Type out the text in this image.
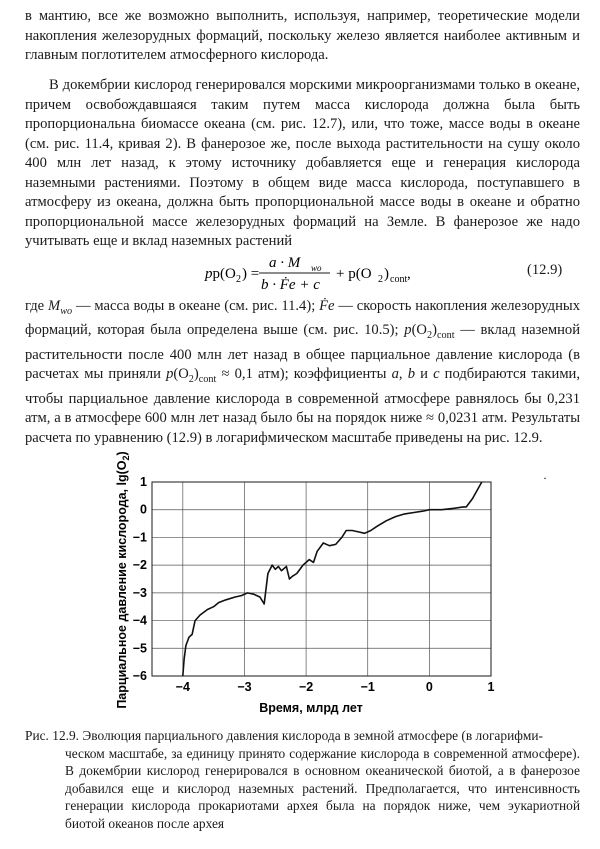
в мантию, все же возможно выполнить, используя, например, теоретические модели накопления железорудных формаций, поскольку железо является наиболее активным и главным поглотителем атмосферного кислорода.
В докембрии кислород генерировался морскими микроорганизмами только в океане, причем освобождавшаяся таким путем масса кислорода должна была быть пропорциональна биомассе океана (см. рис. 12.7), или, что тоже, массе воды в океане (см. рис. 11.4, кривая 2). В фанерозое же, после выхода растительности на сушу около 400 млн лет назад, к этому источнику добавляется еще и генерация кислорода наземными растениями. Поэтому в общем виде масса кислорода, поступавшего в атмосферу из океана, должна быть пропорциональной массе воды в океане и обратно пропорциональной массе железорудных формаций на Земле. В фанерозое же надо учитывать еще и вклад наземных растений
pp(O 2 ) =
a · M wo
b · Ḟe + c
+ p(O 2 ) cont ,	(12.9)
где $M_{wo}$ — масса воды в океане (см. рис. 11.4); Ḟe — скорость накопления железорудных формаций, которая была определена выше (см. рис. 10.5); $p(O_2)_{cont}$ — вклад наземной растительности после 400 млн лет назад в общее парциальное давление кислорода (в расчетах мы приняли $p(O_2)_{cont} \approx 0,1$ атм); коэффициенты a, b и c подбираются такими, чтобы парциальное давление кислорода в современной атмосфере равнялось бы 0,231 атм, а в атмосфере 600 млн лет назад было бы на порядок ниже ≈ 0,0231 атм. Результаты расчета по уравнению (12.9) в логарифмическом масштабе приведены на рис. 12.9.
−4	−3	−2	−1	0	1
1
0
−1
−2
−3
−4
−5
−6
Время, млрд лет
Парциальное давление кислорода, $\lg(O_2)$
·
Рис. 12.9. Эволюция парциального давления кислорода в земной атмосфере (в логарифми-
ческом масштабе, за единицу принято содержание кислорода в современной атмосфере). В докембрии кислород генерировался в основном океанической биотой, а в фанерозое добавился еще и кислород наземных растений. Предполагается, что интенсивность генерации кислорода прокариотами архея была на порядок ниже, чем эукариотной биотой океанов после архея
